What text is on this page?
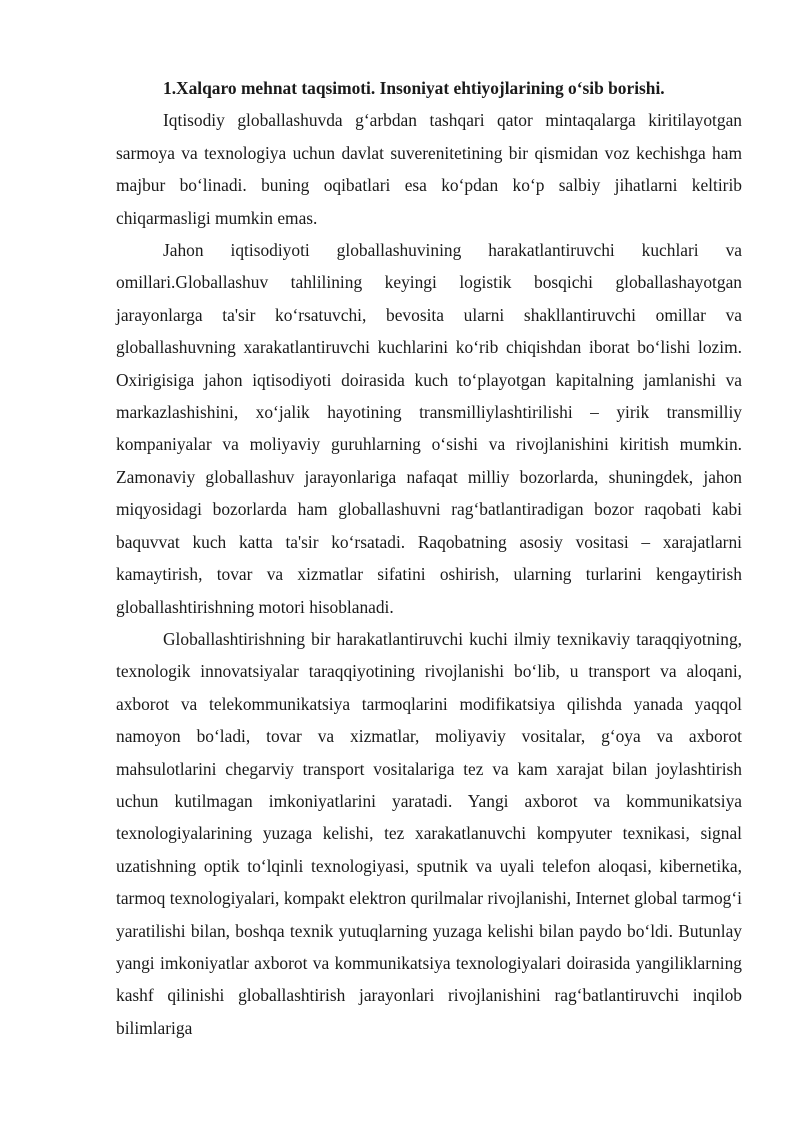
1.Xalqaro mehnat taqsimoti. Insoniyat ehtiyojlarining o‘sib borishi.

Iqtisodiy globallashuvda g‘arbdan tashqari qator mintaqalarga kiritilayotgan sarmoya va texnologiya uchun davlat suverenitetining bir qismidan voz kechishga ham majbur bo‘linadi. buning oqibatlari esa ko‘pdan ko‘p salbiy jihatlarni keltirib chiqarmasligi mumkin emas.

Jahon iqtisodiyoti globallashuvining harakatlantiruvchi kuchlari va omillari.Globallashuv tahlilining keyingi logistik bosqichi globallashayotgan jarayonlarga ta'sir ko‘rsatuvchi, bevosita ularni shakllantiruvchi omillar va globallashuvning xarakatlantiruvchi kuchlarini ko‘rib chiqishdan iborat bo‘lishi lozim. Oxirigisiga jahon iqtisodiyoti doirasida kuch to‘playotgan kapitalning jamlanishi va markazlashishini, xo‘jalik hayotining transmilliylashtirilishi – yirik transmilliy kompaniyalar va moliyaviy guruhlarning o‘sishi va rivojlanishini kiritish mumkin. Zamonaviy globallashuv jarayonlariga nafaqat milliy bozorlarda, shuningdek, jahon miqyosidagi bozorlarda ham globallashuvni rag‘batlantiradigan bozor raqobati kabi baquvvat kuch katta ta'sir ko‘rsatadi. Raqobatning asosiy vositasi – xarajatlarni kamaytirish, tovar va xizmatlar sifatini oshirish, ularning turlarini kengaytirish globallashtirishning motori hisoblanadi.

Globallashtirishning bir harakatlantiruvchi kuchi ilmiy texnikaviy taraqqiyotning, texnologik innovatsiyalar taraqqiyotining rivojlanishi bo‘lib, u transport va aloqani, axborot va telekommunikatsiya tarmoqlarini modifikatsiya qilishda yanada yaqqol namoyon bo‘ladi, tovar va xizmatlar, moliyaviy vositalar, g‘oya va axborot mahsulotlarini chegarviy transport vositalariga tez va kam xarajat bilan joylashtirish uchun kutilmagan imkoniyatlarini yaratadi. Yangi axborot va kommunikatsiya texnologiyalarining yuzaga kelishi, tez xarakatlanuvchi kompyuter texnikasi, signal uzatishning optik to‘lqinli texnologiyasi, sputnik va uyali telefon aloqasi, kibernetika, tarmoq texnologiyalari, kompakt elektron qurilmalar rivojlanishi, Internet global tarmog‘i yaratilishi bilan, boshqa texnik yutuqlarning yuzaga kelishi bilan paydo bo‘ldi. Butunlay yangi imkoniyatlar axborot va kommunikatsiya texnologiyalari doirasida yangiliklarning kashf qilinishi globallashtirish jarayonlari rivojlanishini rag‘batlantiruvchi inqilob bilimlariga
